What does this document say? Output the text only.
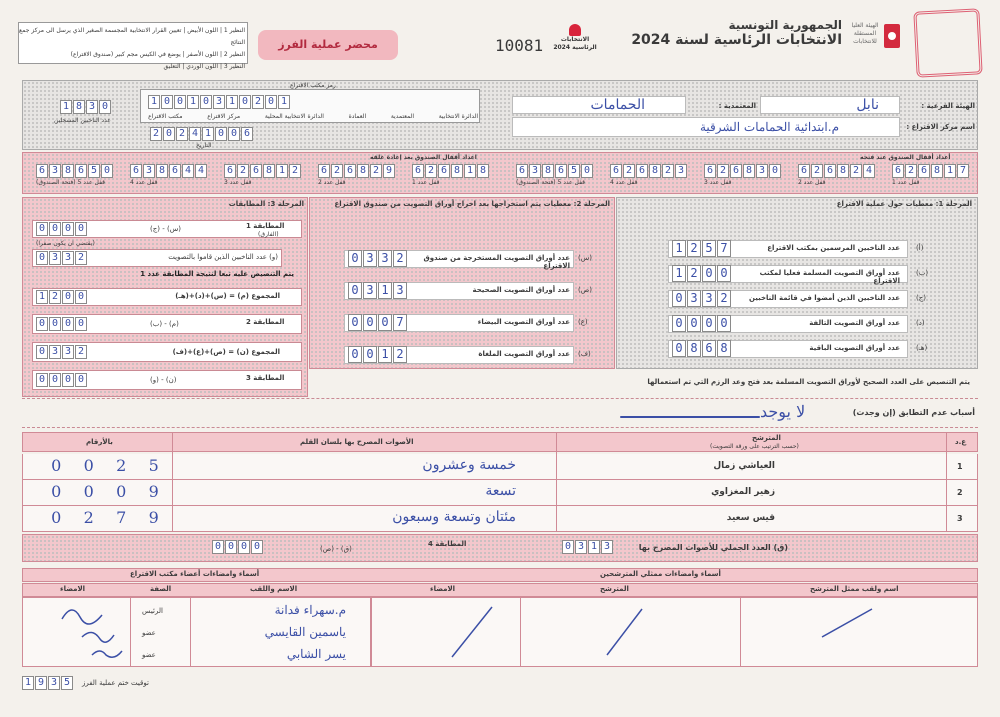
النظير 1 | اللون الأبيض | تعيين القرار الانتخابية المجسمة الصغير الذي يرسل الى مركز جمع النتائج
النظير 2 | اللون الأصفر | يوضع في الكيس مجم كبير (صندوق الاقتراع)
النظير 3 | اللون الوردي | التعليق
محضر عملية الفرز	10081	الانتخابات الرئاسية 2024
الجمهورية التونسية
الانتخابات الرئاسية لسنة 2024
الهيئة العليا المستقلة للانتخابات
رمز مكتب الاقتراع
1 0 0 1 0 3 1 0 2 0 1
الدائرة الانتخابية
المعتمدية
العمادة
الدائرة الانتخابية المحلية
مركز الاقتراع
مكتب الاقتراع
1 8 3 0
عدد الناخبين المسجلين
2 0 2 4 1 0 0 6
التاريخ
الهيئة الفرعية :
نابل
المعتمدية :
الحمامات
اسم مركز الاقتراع :
م.ابتدائية الحمامات الشرقية
اعداد أقفال الصندوق بعد إعادة غلقه	أعداد أقفال الصندوق عند فتحه
6 3 8 6 5 0
قفل عدد 5 (فتحة الصندوق)
6 3 8 6 4 4
قفل عدد 4
6 2 6 8 1 2
قفل عدد 3
6 2 6 8 2 9
قفل عدد 2
6 2 6 8 1 8
قفل عدد 1
6 3 8 6 5 0
قفل عدد 5 (فتحة الصندوق)
6 2 6 8 2 3
قفل عدد 4
6 2 6 8 3 0
قفل عدد 3
6 2 6 8 2 4
قفل عدد 2
6 2 6 8 1 7
قفل عدد 1
المرحلة 1: معطيات حول عملية الاقتراع
1 2 5 7	عدد الناخبين المرسمين بمكتب الاقتراع (أ)
1 2 0 0	عدد أوراق التصويت المسلمة فعليا لمكتب الاقتراع
(ب)
0 3 3 2	عدد الناخبين الذين أمضوا في قائمة الناخبين (ج)
0 0 0 0	عدد أوراق التصويت التالفة (د)
0 8 6 8	عدد أوراق التصويت الباقية (هـ)
المرحلة 2: معطيات يتم استخراجها بعد اخراج أوراق التصويت من صندوق الاقتراع
0 3 3 2	عدد أوراق التصويت المستخرجة من صندوق الاقتراع
(س)
0 3 1 3	عدد أوراق التصويت الصحيحة (ص)
0 0 0 7	عدد أوراق التصويت البيضاء (ع)
0 0 1 2	عدد أوراق التصويت الملغاة (ف)
المرحلة 3: المطابقات
0 0 0 0	(ج) - (س)	المطابقة 1
(الفارق)
(يقتضي ان يكون صفرا)
0 3 3 2	(و) عدد الناخبين الذين قاموا بالتصويت
يتم التنصيص عليه تبعا لنتيجة المطابقة عدد 1
1 2 0 0	المجموع (م) = (س)+(د)+(هـ)
0 0 0 0	(ب) - (م)	المطابقة 2
0 3 3 2	المجموع (ن) = (ص)+(ع)+(ف)
0 0 0 0	(و) - (ن)	المطابقة 3	يتم التنصيص على العدد الصحيح لأوراق التصويت المسلمة بعد فتح وعد الرزم التي تم استعمالها
أسباب عدم التطابق (إن وجدت)
لا يوجد
ع.د
المترشح
(حسب الترتيب على ورقة التصويت)
الأصوات المصرح بها بلسان القلم
بالأرقام
1
العياشي زمال
خمسة وعشرون
0 0 2 5
2
زهير المغزاوي
تسعة
0 0 0 9
3
قيس سعيد
مئتان وتسعة وسبعون
0 2 7 9
(ق) العدد الجملي للأصوات المصرح بها
0 3 1 3
المطابقة 4
(ص) - (ق)
0 0 0 0
أسماء وامضاءات أعضاء مكتب الاقتراع	أسماء وامضاءات ممثلي المترشحين
الامضاء	الصفة	الاسم واللقب	الامضاء	المترشح	اسم ولقب ممثل المترشح
الرئيس	م.سهراء فدانة
عضو	ياسمين القايسي
عضو	يسر الشابي
1 9 3 5	توقيت ختم عملية الفرز
